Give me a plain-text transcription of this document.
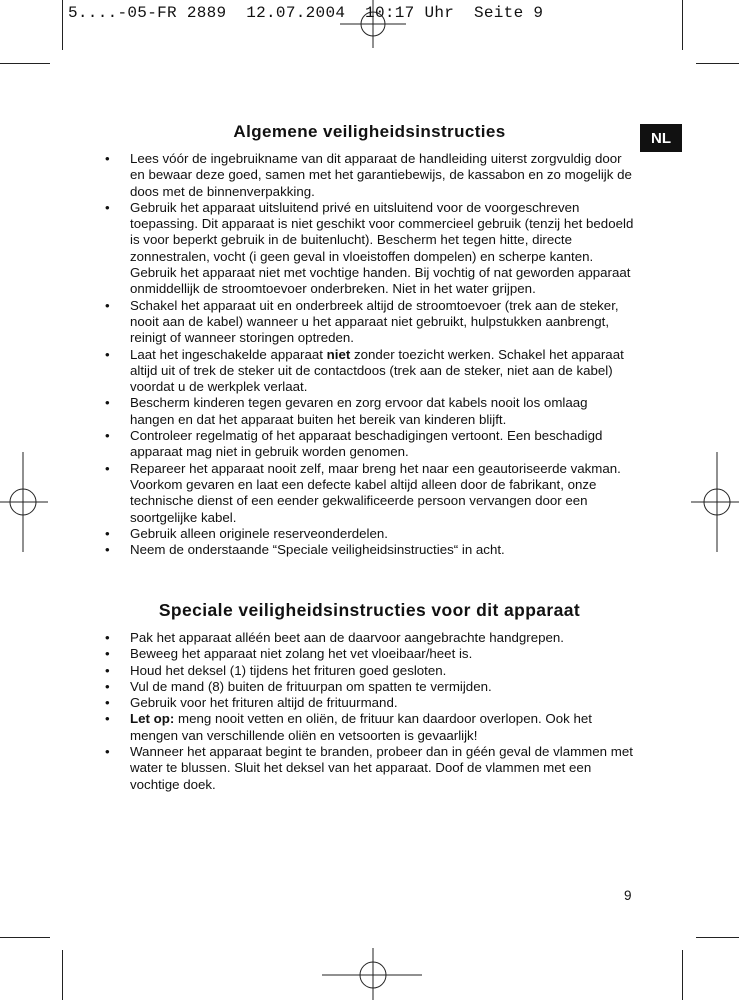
5....-05-FR 2889  12.07.2004  10:17 Uhr  Seite 9
NL
Algemene veiligheidsinstructies
• Lees vóór de ingebruikname van dit apparaat de handleiding uiterst zorgvuldig door en bewaar deze goed, samen met het garantiebewijs, de kassabon en zo mogelijk de doos met de binnenverpakking.
• Gebruik het apparaat uitsluitend privé en uitsluitend voor de voorgeschreven toepassing. Dit apparaat is niet geschikt voor commercieel gebruik (tenzij het bedoeld is voor beperkt gebruik in de buitenlucht). Bescherm het tegen hitte, directe zonnestralen, vocht (i geen geval in vloeistoffen dompelen) en scherpe kanten. Gebruik het apparaat niet met vochtige handen. Bij vochtig of nat geworden apparaat onmiddellijk de stroomtoevoer onderbreken. Niet in het water grijpen.
• Schakel het apparaat uit en onderbreek altijd de stroomtoevoer (trek aan de steker, nooit aan de kabel) wanneer u het apparaat niet gebruikt, hulpstukken aanbrengt, reinigt of wanneer storingen optreden.
• Laat het ingeschakelde apparaat niet zonder toezicht werken. Schakel het apparaat altijd uit of trek de steker uit de contactdoos (trek aan de steker, niet aan de kabel) voordat u de werkplek verlaat.
• Bescherm kinderen tegen gevaren en zorg ervoor dat kabels nooit los omlaag hangen en dat het apparaat buiten het bereik van kinderen blijft.
• Controleer regelmatig of het apparaat beschadigingen vertoont. Een beschadigd apparaat mag niet in gebruik worden genomen.
• Repareer het apparaat nooit zelf, maar breng het naar een geautoriseerde vakman. Voorkom gevaren en laat een defecte kabel altijd alleen door de fabrikant, onze technische dienst of een eender gekwalificeerde persoon vervangen door een soortgelijke kabel.
• Gebruik alleen originele reserveonderdelen.
• Neem de onderstaande “Speciale veiligheidsinstructies“ in acht.
Speciale veiligheidsinstructies voor dit apparaat
• Pak het apparaat alléén beet aan de daarvoor aangebrachte handgrepen.
• Beweeg het apparaat niet zolang het vet vloeibaar/heet is.
• Houd het deksel (1) tijdens het frituren goed gesloten.
• Vul de mand (8) buiten de frituurpan om spatten te vermijden.
• Gebruik voor het frituren altijd de frituurmand.
• Let op: meng nooit vetten en oliën, de frituur kan daardoor overlopen. Ook het mengen van verschillende oliën en vetsoorten is gevaarlijk!
• Wanneer het apparaat begint te branden, probeer dan in géén geval de vlammen met water te blussen. Sluit het deksel van het apparaat. Doof de vlammen met een vochtige doek.
9
